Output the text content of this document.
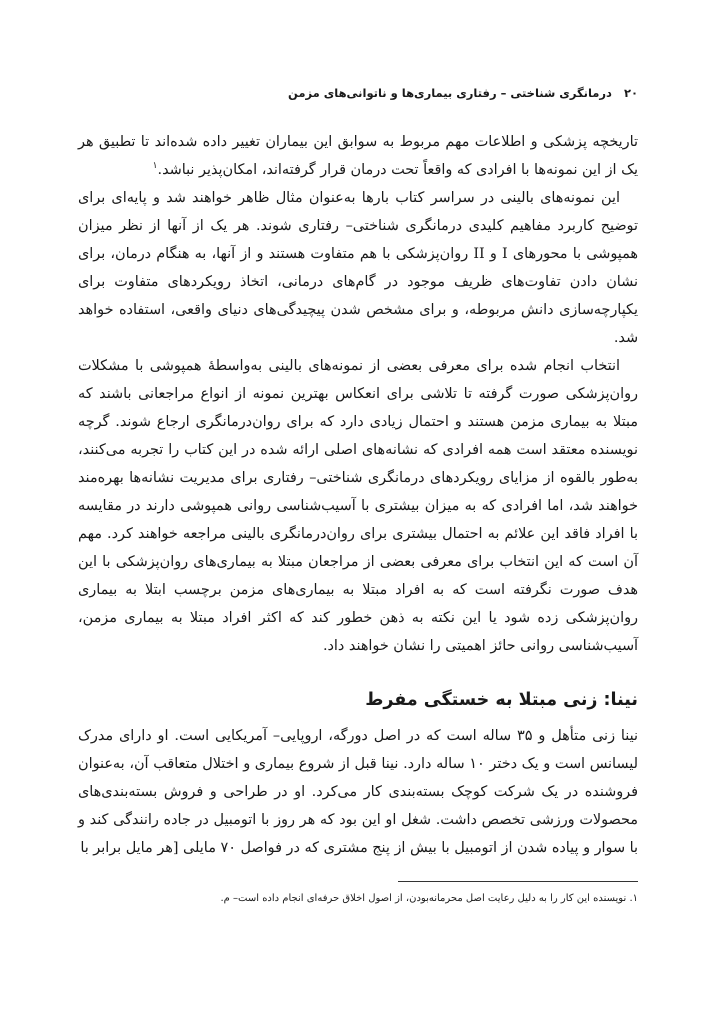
۲۰
درمانگری شناختی – رفتاری بیماری‌ها و ناتوانی‌های مزمن

تاریخچه پزشکی و اطلاعات مهم مربوط به سوابق این بیماران تغییر داده شده‌اند تا تطبیق هر یک از این نمونه‌ها با افرادی که واقعاً تحت درمان قرار گرفته‌اند، امکان‌پذیر نباشد.$^۱$

این نمونه‌های بالینی در سراسر کتاب بارها به‌عنوان مثال ظاهر خواهند شد و پایه‌ای برای توضیح کاربرد مفاهیم کلیدی درمانگری شناختی– رفتاری شوند. هر یک از آنها از نظر میزان همپوشی با محورهای I و II روان‌پزشکی با هم متفاوت هستند و از آنها، به هنگام درمان، برای نشان دادن تفاوت‌های ظریف موجود در گام‌های درمانی، اتخاذ رویکردهای متفاوت برای یکپارچه‌سازی دانش مربوطه، و برای مشخص شدن پیچیدگی‌های دنیای واقعی، استفاده خواهد شد.

انتخاب انجام شده برای معرفی بعضی از نمونه‌های بالینی به‌واسطهٔ همپوشی با مشکلات روان‌پزشکی صورت گرفته تا تلاشی برای انعکاس بهترین نمونه از انواع مراجعانی باشند که مبتلا به بیماری مزمن هستند و احتمال زیادی دارد که برای روان‌درمانگری ارجاع شوند. گرچه نویسنده معتقد است همه افرادی که نشانه‌های اصلی ارائه شده در این کتاب را تجربه می‌کنند، به‌طور بالقوه از مزایای رویکردهای درمانگری شناختی– رفتاری برای مدیریت نشانه‌ها بهره‌مند خواهند شد، اما افرادی که به میزان بیشتری با آسیب‌شناسی روانی همپوشی دارند در مقایسه با افراد فاقد این علائم به احتمال بیشتری برای روان‌درمانگری بالینی مراجعه خواهند کرد. مهم آن است که این انتخاب برای معرفی بعضی از مراجعان مبتلا به بیماری‌های روان‌پزشکی با این هدف صورت نگرفته است که به افراد مبتلا به بیماری‌های مزمن برچسب ابتلا به بیماری روان‌پزشکی زده شود یا این نکته به ذهن خطور کند که اکثر افراد مبتلا به بیماری مزمن، آسیب‌شناسی روانی حائز اهمیتی را نشان خواهند داد.

نینا: زنی مبتلا به خستگی مفرط

نینا زنی متأهل و ۳۵ ساله است که در اصل دورگه، اروپایی– آمریکایی است. او دارای مدرک لیسانس است و یک دختر ۱۰ ساله دارد. نینا قبل از شروع بیماری و اختلال متعاقب آن، به‌عنوان فروشنده در یک شرکت کوچک بسته‌بندی کار می‌کرد. او در طراحی و فروش بسته‌بندی‌های محصولات ورزشی تخصص داشت. شغل او این بود که هر روز با اتومبیل در جاده رانندگی کند و با سوار و پیاده شدن از اتومبیل با بیش از پنج مشتری که در فواصل ۷۰ مایلی [هر مایل برابر با

۱. نویسنده این کار را به دلیل رعایت اصل محرمانه‌بودن، از اصول اخلاق حرفه‌ای انجام داده است– م.
